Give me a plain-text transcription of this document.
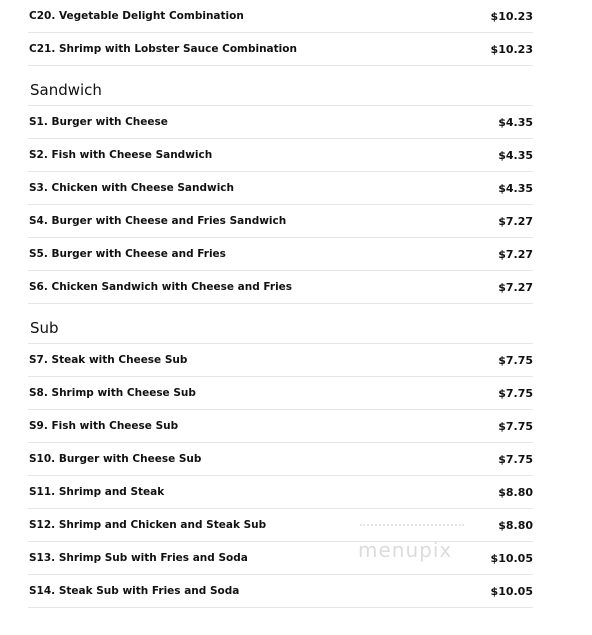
C20. Vegetable Delight Combination	$10.23
C21. Shrimp with Lobster Sauce Combination	$10.23
Sandwich
S1. Burger with Cheese	$4.35
S2. Fish with Cheese Sandwich	$4.35
S3. Chicken with Cheese Sandwich	$4.35
S4. Burger with Cheese and Fries Sandwich	$7.27
S5. Burger with Cheese and Fries	$7.27
S6. Chicken Sandwich with Cheese and Fries	$7.27
Sub
S7. Steak with Cheese Sub	$7.75
S8. Shrimp with Cheese Sub	$7.75
S9. Fish with Cheese Sub	$7.75
S10. Burger with Cheese Sub	$7.75
S11. Shrimp and Steak	$8.80
S12. Shrimp and Chicken and Steak Sub	$8.80
S13. Shrimp Sub with Fries and Soda	$10.05
S14. Steak Sub with Fries and Soda	$10.05
menupix
